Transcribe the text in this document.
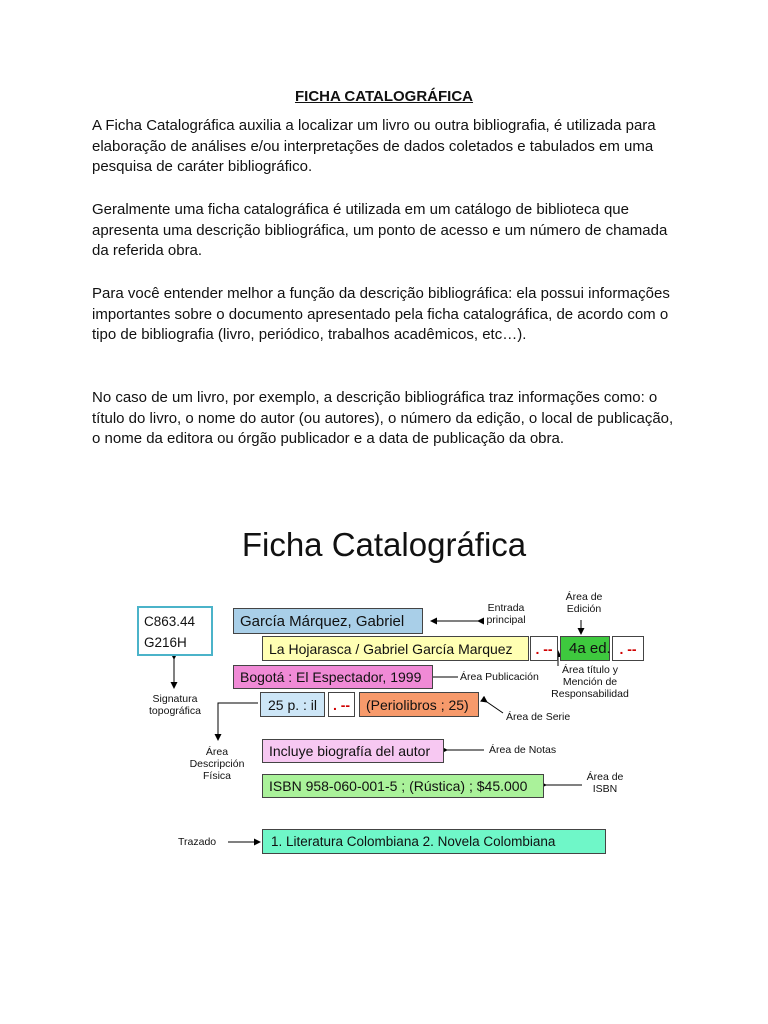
FICHA CATALOGRÁFICA

A Ficha Catalográfica auxilia a localizar um livro ou outra bibliografia, é utilizada para elaboração de análises e/ou interpretações de dados coletados e tabulados em uma pesquisa de caráter bibliográfico.

Geralmente uma ficha catalográfica é utilizada em um catálogo de biblioteca que apresenta uma descrição bibliográfica, um ponto de acesso e um número de chamada da referida obra.

Para você entender melhor a função da descrição bibliográfica: ela possui informações importantes sobre o documento apresentado pela ficha catalográfica, de acordo com o tipo de bibliografia (livro, periódico, trabalhos acadêmicos, etc…).

No caso de um livro, por exemplo, a descrição bibliográfica traz informações como: o título do livro, o nome do autor (ou autores), o número da edição, o local de publicação, o nome da editora ou órgão publicador e a data de publicação da obra.

Ficha Catalográfica
C863.44
G216H
García Márquez, Gabriel
La Hojarasca / Gabriel García Marquez	. --	4a ed. . --
Bogotá : El Espectador, 1999
25 p. : il	. --	(Periolibros ; 25)
Incluye biografía del autor
ISBN 958-060-001-5 ; (Rústica) ; $45.000
1. Literatura Colombiana 2. Novela Colombiana
Entrada
principal
Área de
Edición
Área título y
Mención de
Responsabilidad
Área Publicación
Área de Serie
Área de Notas
Área de
ISBN
Signatura
topográfica
Área
Descripción
Física
Trazado
